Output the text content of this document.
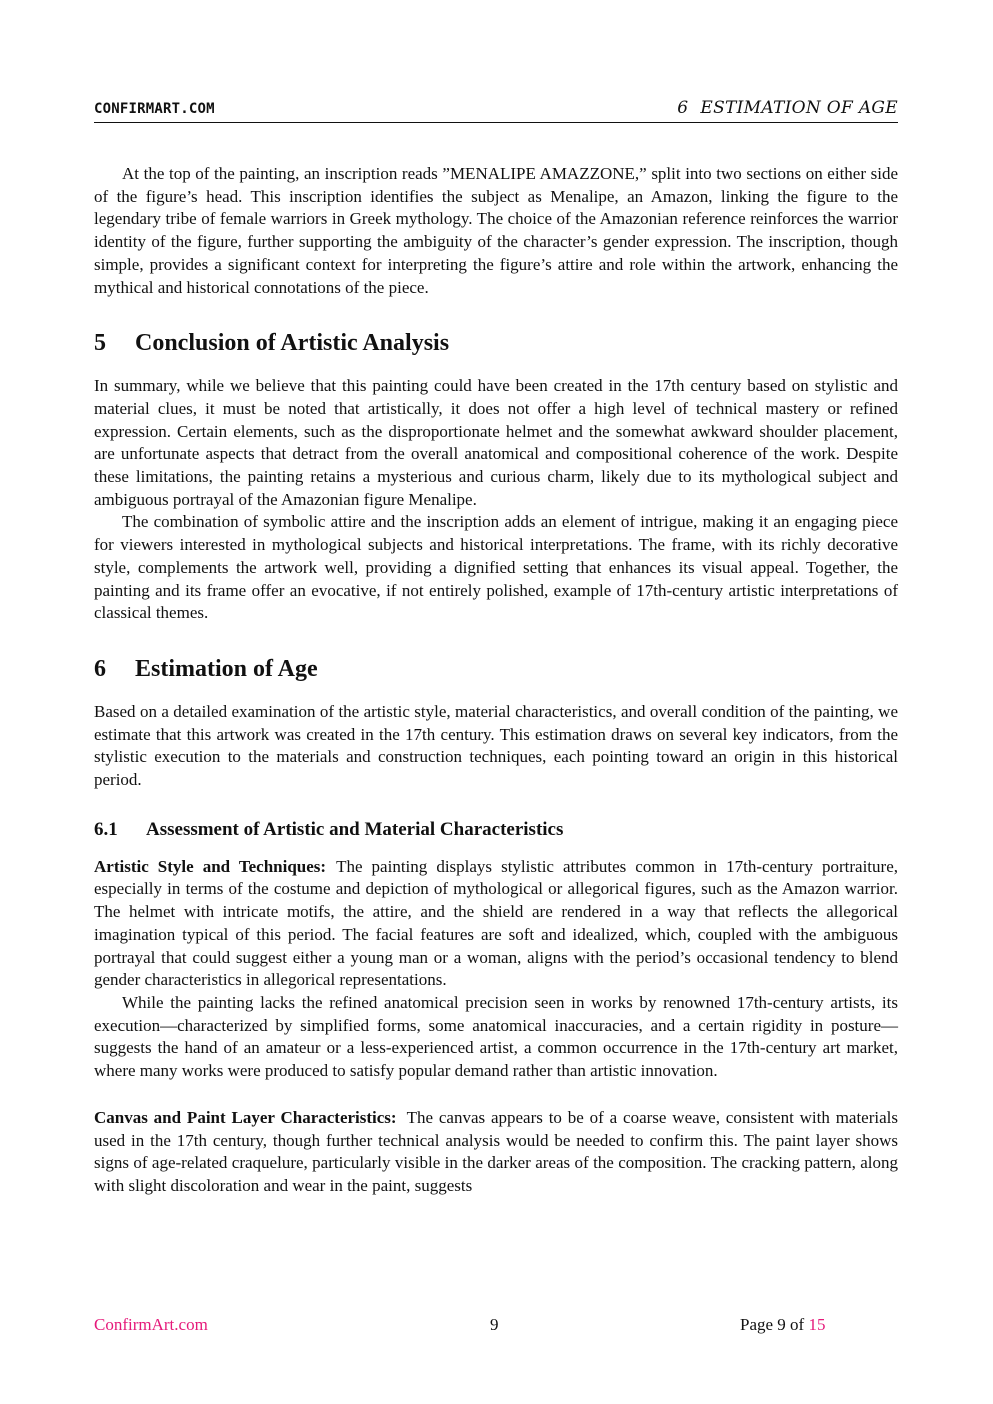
CONFIRMART.COM	6 ESTIMATION OF AGE

At the top of the painting, an inscription reads ”MENALIPE AMAZZONE,” split into two sections on either side of the figure’s head. This inscription identifies the subject as Menalipe, an Amazon, linking the figure to the legendary tribe of female warriors in Greek mythology. The choice of the Amazonian reference reinforces the warrior identity of the figure, further supporting the ambiguity of the character’s gender expression. The inscription, though simple, provides a significant context for interpreting the figure’s attire and role within the artwork, enhancing the mythical and historical connotations of the piece.

5 Conclusion of Artistic Analysis

In summary, while we believe that this painting could have been created in the 17th century based on stylistic and material clues, it must be noted that artistically, it does not offer a high level of technical mastery or refined expression. Certain elements, such as the disproportionate helmet and the somewhat awkward shoulder placement, are unfortunate aspects that detract from the overall anatomical and compositional coherence of the work. Despite these limitations, the painting retains a mysterious and curious charm, likely due to its mythological subject and ambiguous portrayal of the Amazonian figure Menalipe.

The combination of symbolic attire and the inscription adds an element of intrigue, making it an engaging piece for viewers interested in mythological subjects and historical interpretations. The frame, with its richly decorative style, complements the artwork well, providing a dignified setting that enhances its visual appeal. Together, the painting and its frame offer an evocative, if not entirely polished, example of 17th-century artistic interpretations of classical themes.

6 Estimation of Age

Based on a detailed examination of the artistic style, material characteristics, and overall condition of the painting, we estimate that this artwork was created in the 17th century. This estimation draws on several key indicators, from the stylistic execution to the materials and construction techniques, each pointing toward an origin in this historical period.

6.1 Assessment of Artistic and Material Characteristics

Artistic Style and Techniques: The painting displays stylistic attributes common in 17th-century portraiture, especially in terms of the costume and depiction of mythological or allegorical figures, such as the Amazon warrior. The helmet with intricate motifs, the attire, and the shield are rendered in a way that reflects the allegorical imagination typical of this period. The facial features are soft and idealized, which, coupled with the ambiguous portrayal that could suggest either a young man or a woman, aligns with the period’s occasional tendency to blend gender characteristics in allegorical representations.

While the painting lacks the refined anatomical precision seen in works by renowned 17th-century artists, its execution—characterized by simplified forms, some anatomical inaccuracies, and a certain rigidity in posture—suggests the hand of an amateur or a less-experienced artist, a common occurrence in the 17th-century art market, where many works were produced to satisfy popular demand rather than artistic innovation.

Canvas and Paint Layer Characteristics: The canvas appears to be of a coarse weave, consistent with materials used in the 17th century, though further technical analysis would be needed to confirm this. The paint layer shows signs of age-related craquelure, particularly visible in the darker areas of the composition. The cracking pattern, along with slight discoloration and wear in the paint, suggests

ConfirmArt.com	9	Page 9 of 15
